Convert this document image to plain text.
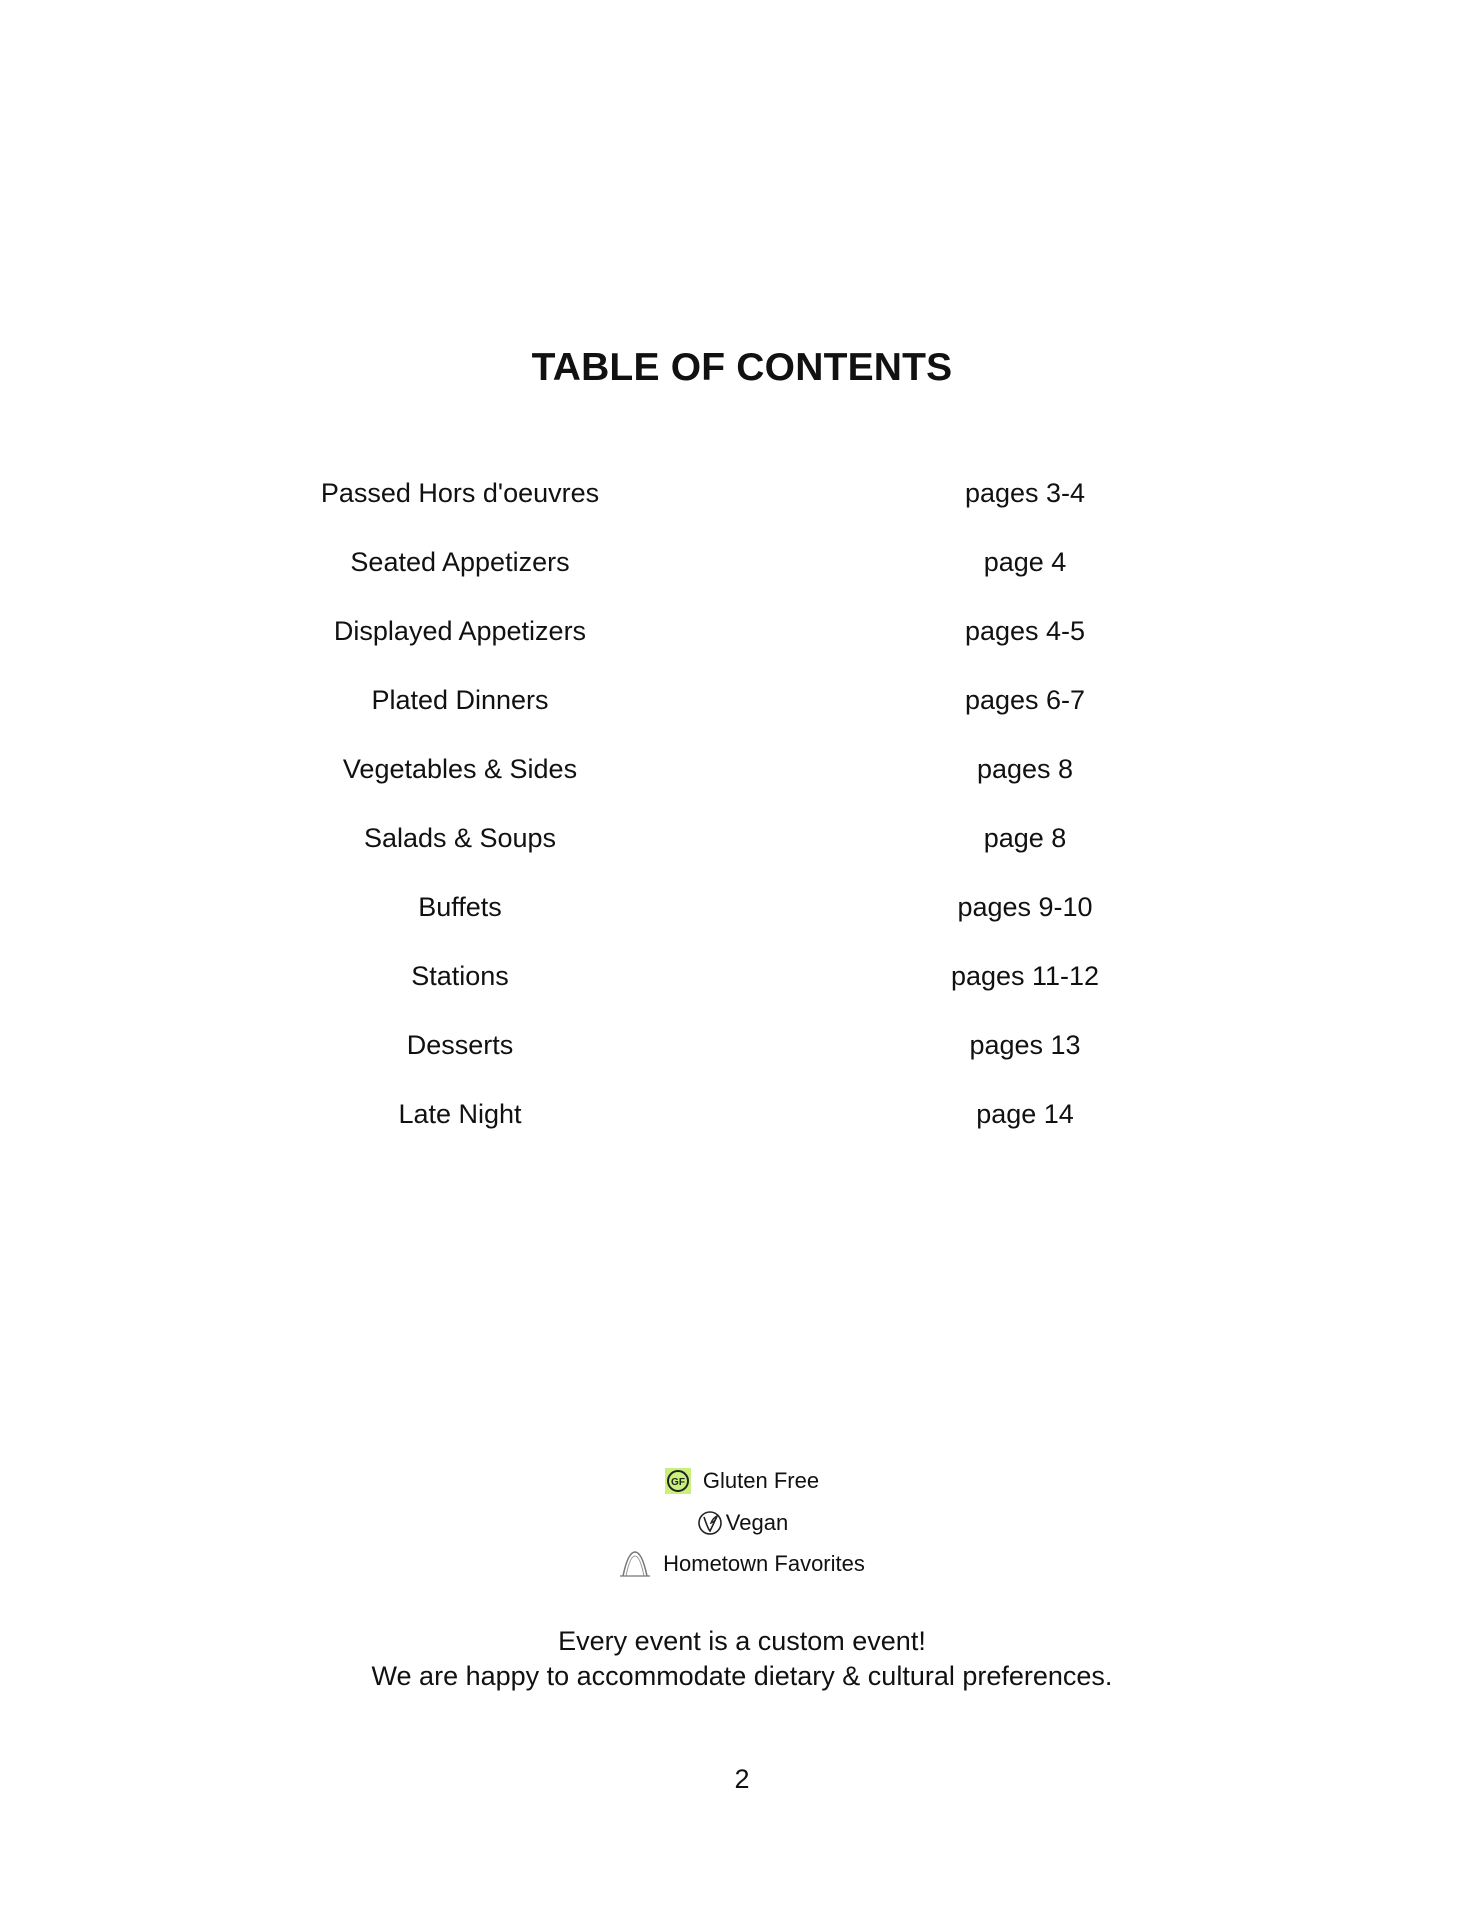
TABLE OF CONTENTS
Passed Hors d'oeuvres	pages 3-4
Seated Appetizers	page 4
Displayed Appetizers	pages 4-5
Plated Dinners	pages 6-7
Vegetables & Sides	pages 8
Salads & Soups	page 8
Buffets	pages 9-10
Stations	pages 11-12
Desserts	pages 13
Late Night	page 14
GF Gluten Free
Vegan
Hometown Favorites
Every event is a custom event!
We are happy to accommodate dietary & cultural preferences.
2
